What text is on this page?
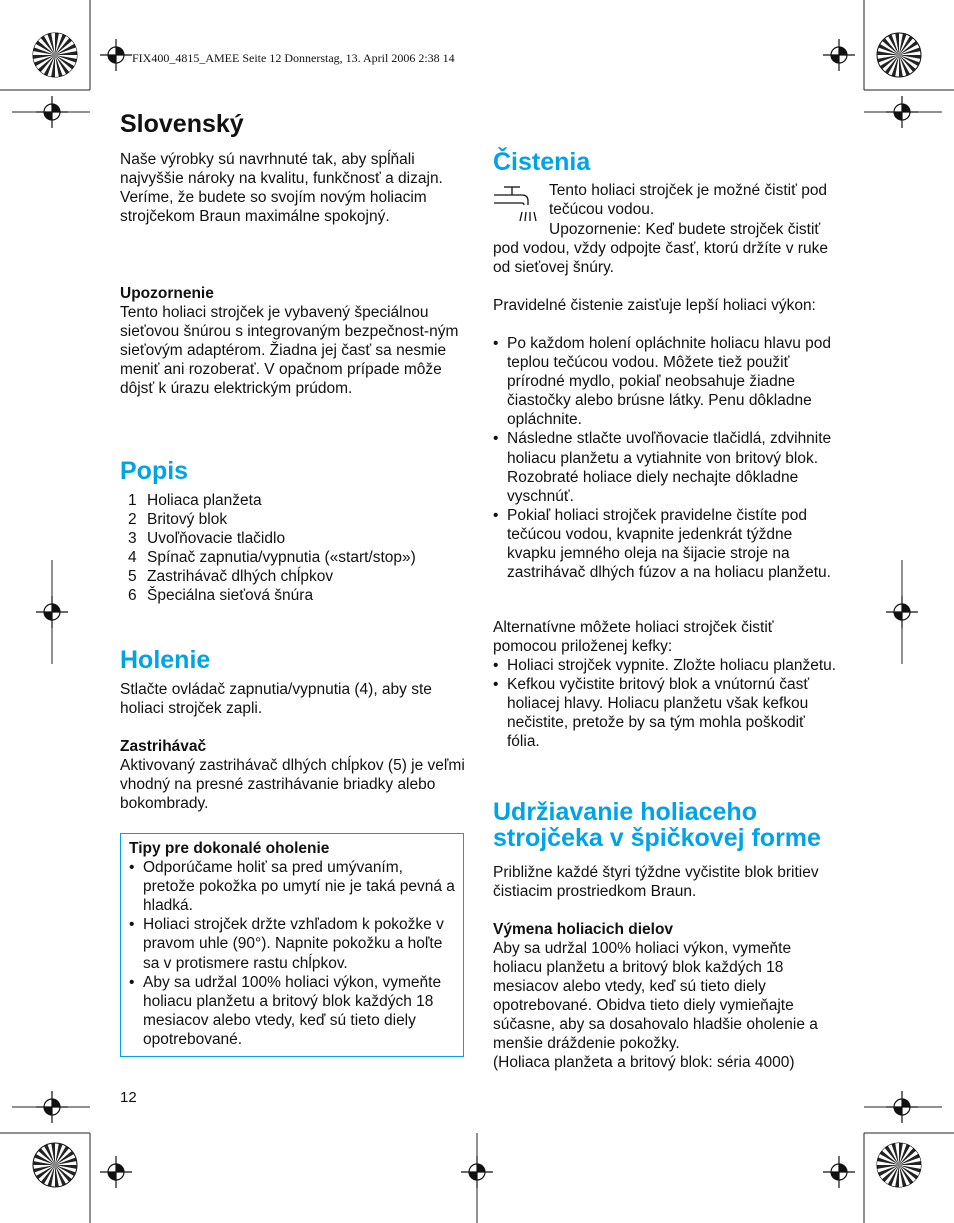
FIX400_4815_AMEE Seite 12 Donnerstag, 13. April 2006 2:38 14
Slovenský

Naše výrobky sú navrhnuté tak, aby spĺňali najvyššie nároky na kvalitu, funkčnosť a dizajn. Veríme, že budete so svojím novým holiacim strojčekom Braun maximálne spokojný.

Upozornenie

Tento holiaci strojček je vybavený špeciálnou sieťovou šnúrou s integrovaným bezpečnost-ným sieťovým adaptérom. Žiadna jej časť sa nesmie meniť ani rozoberať. V opačnom prípade môže dôjsť k úrazu elektrickým prúdom.

Popis
1 Holiaca planžeta
2 Britový blok
3 Uvoľňovacie tlačidlo
4 Spínač zapnutia/vypnutia («start/stop»)
5 Zastrihávač dlhých chĺpkov
6 Špeciálna sieťová šnúra
Holenie

Stlačte ovládač zapnutia/vypnutia (4), aby ste holiaci strojček zapli.

Zastrihávač

Aktivovaný zastrihávač dlhých chĺpkov (5) je veľmi vhodný na presné zastrihávanie briadky alebo bokombrady.

Tipy pre dokonalé oholenie
• Odporúčame holiť sa pred umývaním, pretože pokožka po umytí nie je taká pevná a hladká.
• Holiaci strojček držte vzhľadom k pokožke v pravom uhle (90°). Napnite pokožku a hoľte sa v protismere rastu chĺpkov.
• Aby sa udržal 100% holiaci výkon, vymeňte holiacu planžetu a britový blok každých 18 mesiacov alebo vtedy, keď sú tieto diely opotrebované.
12
Čistenia

Tento holiaci strojček je možné čistiť pod tečúcou vodou.

Upozornenie: Keď budete strojček čistiť pod vodou, vždy odpojte časť, ktorú držíte v ruke od sieťovej šnúry.

Pravidelné čistenie zaisťuje lepší holiaci výkon:

• Po každom holení opláchnite holiacu hlavu pod teplou tečúcou vodou. Môžete tiež použiť prírodné mydlo, pokiaľ neobsahuje žiadne čiastočky alebo brúsne látky. Penu dôkladne opláchnite.
• Následne stlačte uvoľňovacie tlačidlá, zdvihnite holiacu planžetu a vytiahnite von britový blok. Rozobraté holiace diely nechajte dôkladne vyschnúť.
• Pokiaľ holiaci strojček pravidelne čistíte pod tečúcou vodou, kvapnite jedenkrát týždne kvapku jemného oleja na šijacie stroje na zastrihávač dlhých fúzov a na holiacu planžetu.

Alternatívne môžete holiaci strojček čistiť pomocou priloženej kefky:

• Holiaci strojček vypnite. Zložte holiacu planžetu.
• Kefkou vyčistite britový blok a vnútornú časť holiacej hlavy. Holiacu planžetu však kefkou nečistite, pretože by sa tým mohla poškodiť fólia.
Udržiavanie holiaceho
strojčeka v špičkovej forme

Približne každé štyri týždne vyčistite blok britiev čistiacim prostriedkom Braun.

Výmena holiacich dielov

Aby sa udržal 100% holiaci výkon, vymeňte holiacu planžetu a britový blok každých 18 mesiacov alebo vtedy, keď sú tieto diely opotrebované. Obidva tieto diely vymieňajte súčasne, aby sa dosahovalo hladšie oholenie a menšie dráždenie pokožky.

(Holiaca planžeta a britový blok: séria 4000)
